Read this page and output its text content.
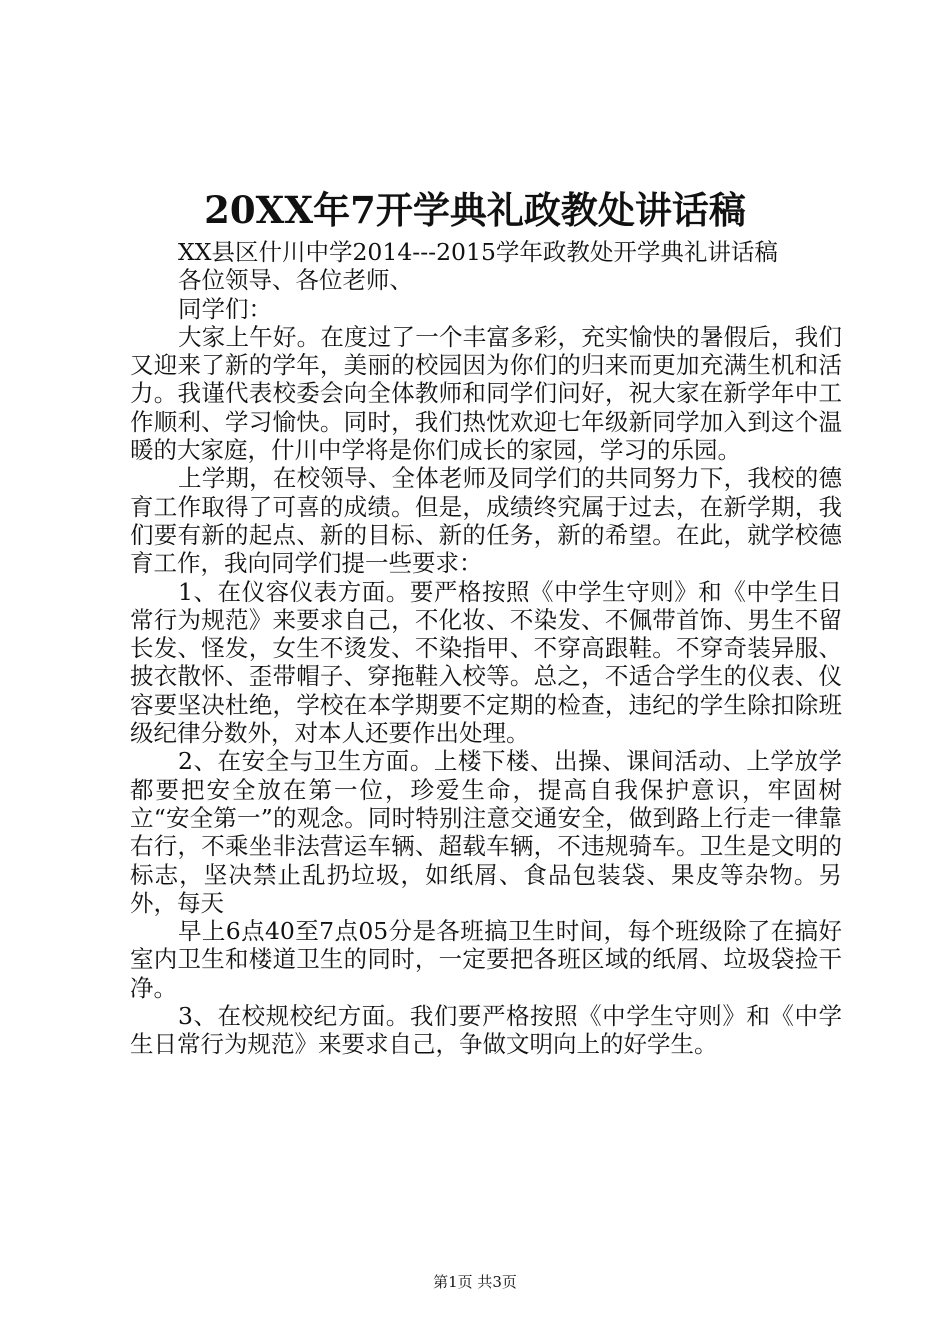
20XX年7开学典礼政教处讲话稿

XX县区什川中学2014---2015学年政教处开学典礼讲话稿

各位领导、各位老师、

同学们：

大家上午好。在度过了一个丰富多彩，充实愉快的暑假后，我们又迎来了新的学年，美丽的校园因为你们的归来而更加充满生机和活力。我谨代表校委会向全体教师和同学们问好，祝大家在新学年中工作顺利、学习愉快。同时，我们热忱欢迎七年级新同学加入到这个温暖的大家庭，什川中学将是你们成长的家园，学习的乐园。

上学期，在校领导、全体老师及同学们的共同努力下，我校的德育工作取得了可喜的成绩。但是，成绩终究属于过去，在新学期，我们要有新的起点、新的目标、新的任务，新的希望。在此，就学校德育工作，我向同学们提一些要求：

1、在仪容仪表方面。要严格按照《中学生守则》和《中学生日常行为规范》来要求自己，不化妆、不染发、不佩带首饰、男生不留长发、怪发，女生不烫发、不染指甲、不穿高跟鞋。不穿奇装异服、披衣散怀、歪带帽子、穿拖鞋入校等。总之，不适合学生的仪表、仪容要坚决杜绝，学校在本学期要不定期的检查，违纪的学生除扣除班级纪律分数外，对本人还要作出处理。

2、在安全与卫生方面。上楼下楼、出操、课间活动、上学放学都要把安全放在第一位，珍爱生命，提高自我保护意识，牢固树立“安全第一”的观念。同时特别注意交通安全，做到路上行走一律靠右行，不乘坐非法营运车辆、超载车辆，不违规骑车。卫生是文明的标志，坚决禁止乱扔垃圾，如纸屑、食品包装袋、果皮等杂物。另外，每天

早上6点40至7点05分是各班搞卫生时间，每个班级除了在搞好室内卫生和楼道卫生的同时，一定要把各班区域的纸屑、垃圾袋捡干净。

3、在校规校纪方面。我们要严格按照《中学生守则》和《中学生日常行为规范》来要求自己，争做文明向上的好学生。

第1页 共3页
